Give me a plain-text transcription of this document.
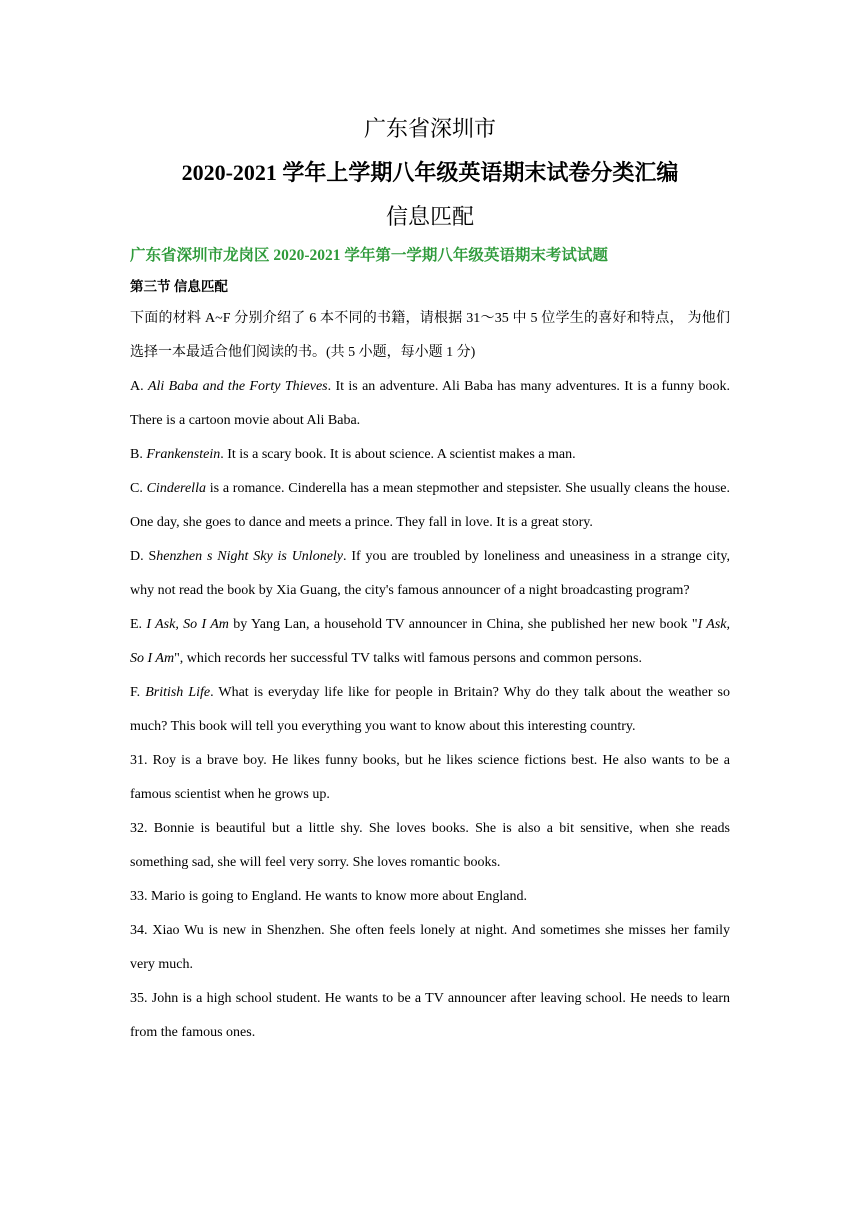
广东省深圳市
2020-2021 学年上学期八年级英语期末试卷分类汇编
信息匹配
广东省深圳市龙岗区 2020-2021 学年第一学期八年级英语期末考试试题
第三节 信息匹配
下面的材料 A~F 分别介绍了 6 本不同的书籍，请根据 31～35 中 5 位学生的喜好和特点， 为他们选择一本最适合他们阅读的书。(共 5 小题，每小题 1 分)
A. Ali Baba and the Forty Thieves. It is an adventure. Ali Baba has many adventures. It is a funny book. There is a cartoon movie about Ali Baba.
B. Frankenstein. It is a scary book. It is about science. A scientist makes a man.
C. Cinderella is a romance. Cinderella has a mean stepmother and stepsister. She usually cleans the house. One day, she goes to dance and meets a prince. They fall in love. It is a great story.
D. Shenzhen s Night Sky is Unlonely. If you are troubled by loneliness and uneasiness in a strange city, why not read the book by Xia Guang, the city's famous announcer of a night broadcasting program?
E. I Ask, So I Am by Yang Lan, a household TV announcer in China, she published her new book "I Ask, So I Am", which records her successful TV talks witl famous persons and common persons.
F. British Life. What is everyday life like for people in Britain? Why do they talk about the weather so much? This book will tell you everything you want to know about this interesting country.
31. Roy is a brave boy. He likes funny books, but he likes science fictions best. He also wants to be a famous scientist when he grows up.
32. Bonnie is beautiful but a little shy. She loves books. She is also a bit sensitive, when she reads something sad, she will feel very sorry. She loves romantic books.
33. Mario is going to England. He wants to know more about England.
34. Xiao Wu is new in Shenzhen. She often feels lonely at night. And sometimes she misses her family very much.
35. John is a high school student. He wants to be a TV announcer after leaving school. He needs to learn from the famous ones.
